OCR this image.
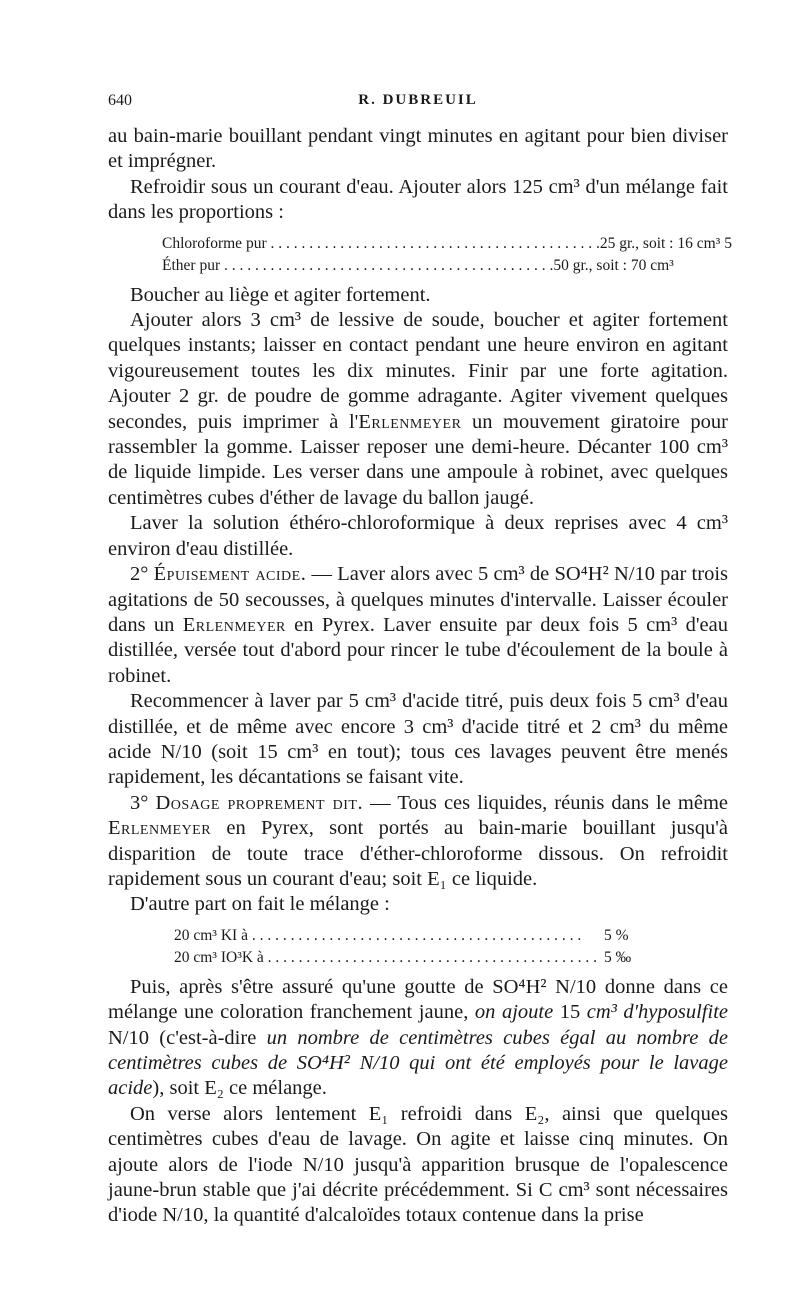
640	R. DUBREUIL

au bain-marie bouillant pendant vingt minutes en agitant pour bien diviser et imprégner.

Refroidir sous un courant d'eau. Ajouter alors 125 cm³ d'un mélange fait dans les proportions :

Chloroforme pur . . . . . . . . . . . . . . . . . . . . . . . . . . . . . . . . . . . . . . . . . . . 25 gr., soit : 16 cm³ 5
Éther pur . . . . . . . . . . . . . . . . . . . . . . . . . . . . . . . . . . . . . . . . . . . 50 gr., soit : 70 cm³

Boucher au liège et agiter fortement.

Ajouter alors 3 cm³ de lessive de soude, boucher et agiter fortement quelques instants; laisser en contact pendant une heure environ en agitant vigoureusement toutes les dix minutes. Finir par une forte agitation. Ajouter 2 gr. de poudre de gomme adragante. Agiter vivement quelques secondes, puis imprimer à l'Erlenmeyer un mouvement giratoire pour rassembler la gomme. Laisser reposer une demi-heure. Décanter 100 cm³ de liquide limpide. Les verser dans une ampoule à robinet, avec quelques centimètres cubes d'éther de lavage du ballon jaugé.

Laver la solution éthéro-chloroformique à deux reprises avec 4 cm³ environ d'eau distillée.

2° Épuisement acide. — Laver alors avec 5 cm³ de SO⁴H² N/10 par trois agitations de 50 secousses, à quelques minutes d'intervalle. Laisser écouler dans un Erlenmeyer en Pyrex. Laver ensuite par deux fois 5 cm³ d'eau distillée, versée tout d'abord pour rincer le tube d'écoulement de la boule à robinet.

Recommencer à laver par 5 cm³ d'acide titré, puis deux fois 5 cm³ d'eau distillée, et de même avec encore 3 cm³ d'acide titré et 2 cm³ du même acide N/10 (soit 15 cm³ en tout); tous ces lavages peuvent être menés rapidement, les décantations se faisant vite.

3° Dosage proprement dit. — Tous ces liquides, réunis dans le même Erlenmeyer en Pyrex, sont portés au bain-marie bouillant jusqu'à disparition de toute trace d'éther-chloroforme dissous. On refroidit rapidement sous un courant d'eau; soit E₁ ce liquide.

D'autre part on fait le mélange :

20 cm³ KI à . . . . . . . . . . . . . . . . . . . . . . . . . . . . . . . . . . . . . . . . . . .	5 %
20 cm³ IO³K à . . . . . . . . . . . . . . . . . . . . . . . . . . . . . . . . . . . . . . . . . . . 5 ‰

Puis, après s'être assuré qu'une goutte de SO⁴H² N/10 donne dans ce mélange une coloration franchement jaune, on ajoute 15 cm³ d'hyposulfite N/10 (c'est-à-dire un nombre de centimètres cubes égal au nombre de centimètres cubes de SO⁴H² N/10 qui ont été employés pour le lavage acide), soit E₂ ce mélange.

On verse alors lentement E₁ refroidi dans E₂, ainsi que quelques centimètres cubes d'eau de lavage. On agite et laisse cinq minutes. On ajoute alors de l'iode N/10 jusqu'à apparition brusque de l'opalescence jaune-brun stable que j'ai décrite précédemment. Si C cm³ sont nécessaires d'iode N/10, la quantité d'alcaloïdes totaux contenue dans la prise
